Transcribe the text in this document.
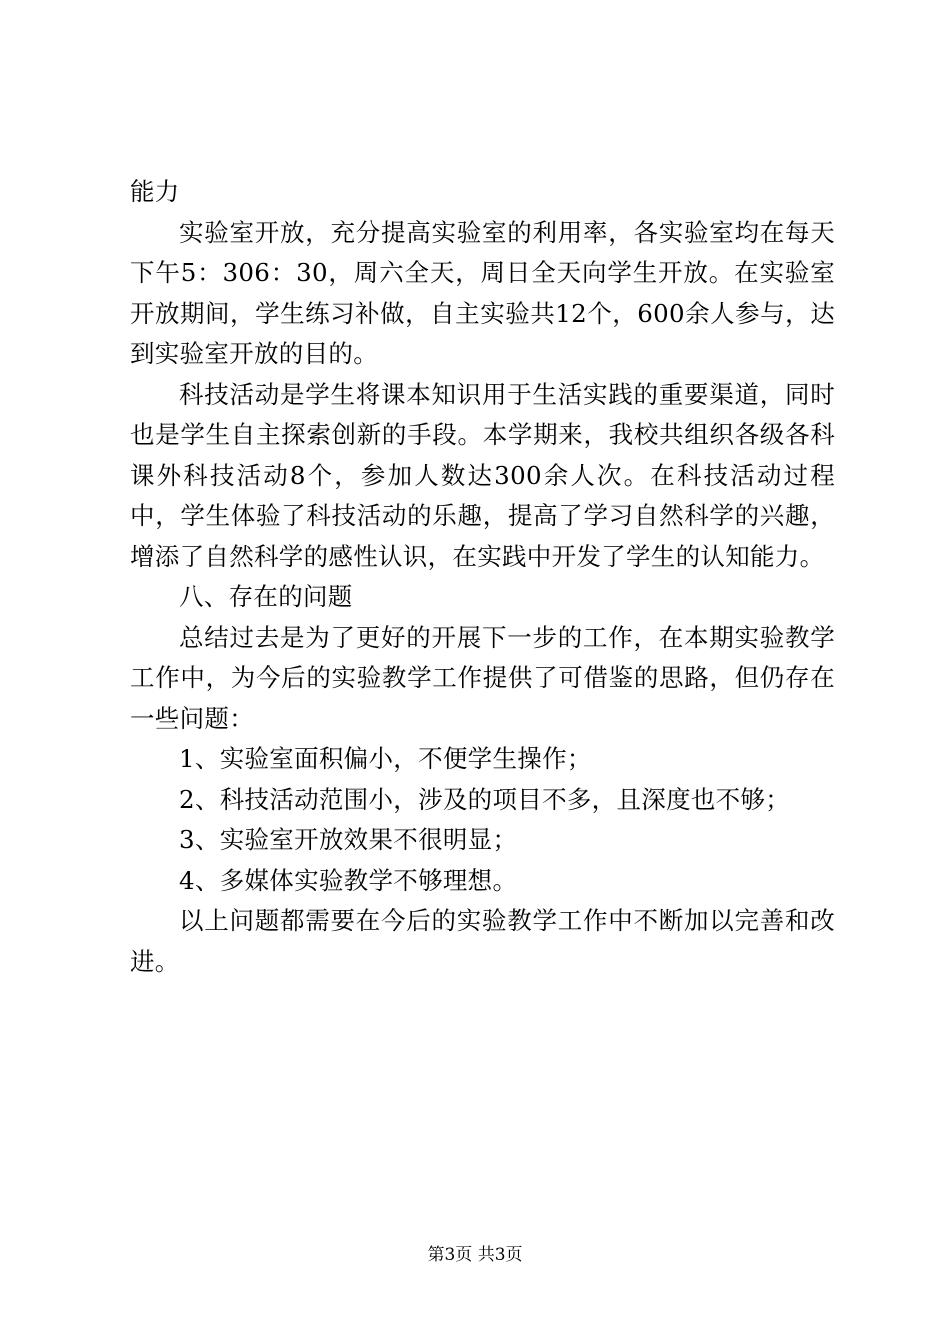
能力

实验室开放，充分提高实验室的利用率，各实验室均在每天下午5：306：30，周六全天，周日全天向学生开放。在实验室开放期间，学生练习补做，自主实验共12个，600余人参与，达到实验室开放的目的。

科技活动是学生将课本知识用于生活实践的重要渠道，同时也是学生自主探索创新的手段。本学期来，我校共组织各级各科课外科技活动8个，参加人数达300余人次。在科技活动过程中，学生体验了科技活动的乐趣，提高了学习自然科学的兴趣，增添了自然科学的感性认识，在实践中开发了学生的认知能力。

八、存在的问题

总结过去是为了更好的开展下一步的工作，在本期实验教学工作中，为今后的实验教学工作提供了可借鉴的思路，但仍存在一些问题：

1、实验室面积偏小，不便学生操作；

2、科技活动范围小，涉及的项目不多，且深度也不够；

3、实验室开放效果不很明显；

4、多媒体实验教学不够理想。

以上问题都需要在今后的实验教学工作中不断加以完善和改进。

第3页 共3页
